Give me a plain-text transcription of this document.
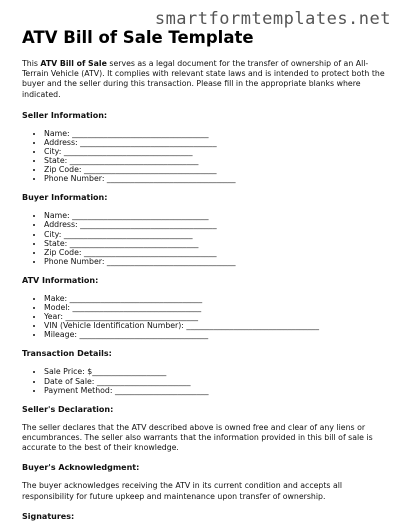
smartformtemplates.net
ATV Bill of Sale Template

This ATV Bill of Sale serves as a legal document for the transfer of ownership of an All-Terrain Vehicle (ATV). It complies with relevant state laws and is intended to protect both the buyer and the seller during this transaction. Please fill in the appropriate blanks where indicated.

Seller Information:
• Name: ___________________________________
• Address: ___________________________________
• City: _________________________________
• State: _________________________________
• Zip Code: __________________________________
• Phone Number: _________________________________
Buyer Information:
• Name: ___________________________________
• Address: ___________________________________
• City: _________________________________
• State: _________________________________
• Zip Code: __________________________________
• Phone Number: _________________________________
ATV Information:
• Make: __________________________________
• Model: _________________________________
• Year: __________________________________
• VIN (Vehicle Identification Number): __________________________________
• Mileage: _________________________________
Transaction Details:
• Sale Price: $___________________
• Date of Sale: ________________________
• Payment Method: ________________________
Seller's Declaration:

The seller declares that the ATV described above is owned free and clear of any liens or encumbrances. The seller also warrants that the information provided in this bill of sale is accurate to the best of their knowledge.

Buyer's Acknowledgment:

The buyer acknowledges receiving the ATV in its current condition and accepts all responsibility for future upkeep and maintenance upon transfer of ownership.

Signatures:
